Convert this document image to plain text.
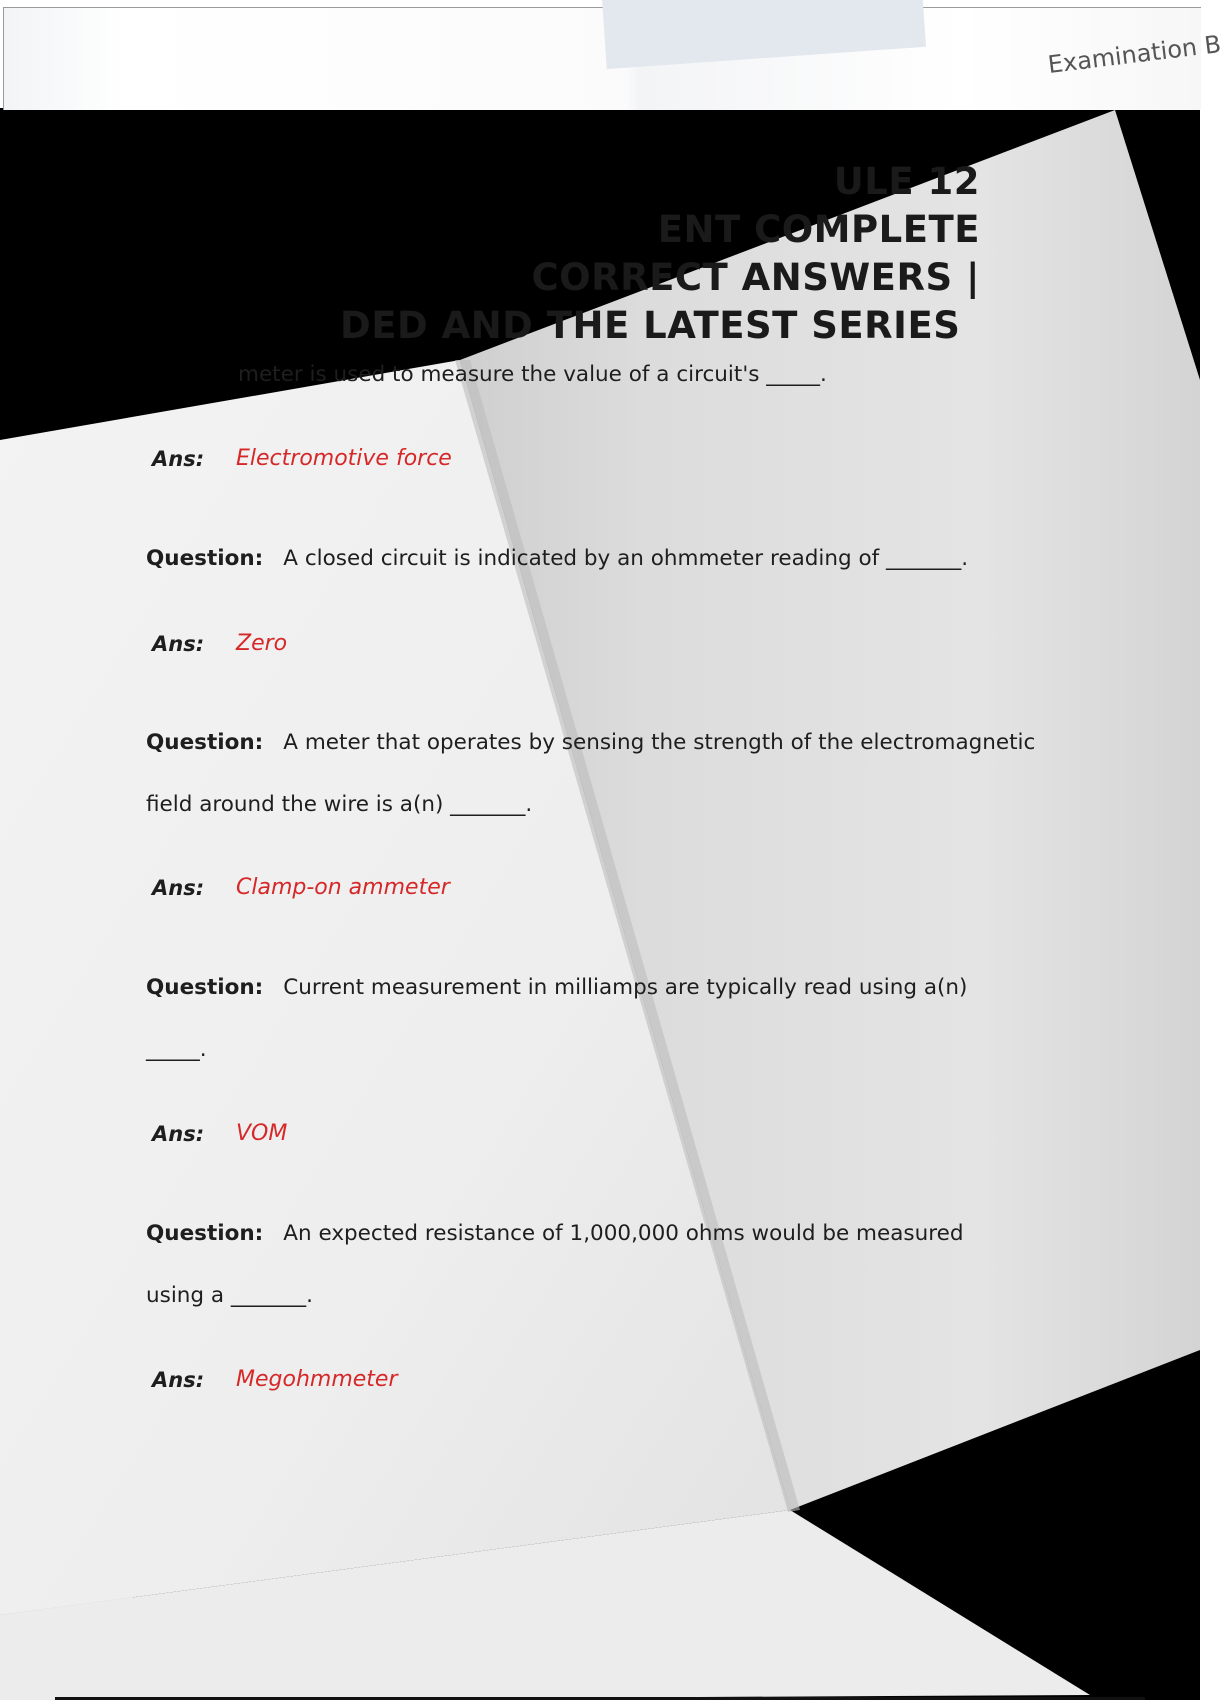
Examination B
ULE 12
ENT COMPLETE
CORRECT ANSWERS |
DED AND THE LATEST SERIES
meter is used to measure the value of a circuit's _____.
Ans: Electromotive force
Question: A closed circuit is indicated by an ohmmeter reading of _______.
Ans: Zero
Question: A meter that operates by sensing the strength of the electromagnetic
field around the wire is a(n) _______.
Ans: Clamp-on ammeter
Question: Current measurement in milliamps are typically read using a(n)
_____.
Ans: VOM
Question: An expected resistance of 1,000,000 ohms would be measured
using a _______.
Ans: Megohmmeter
